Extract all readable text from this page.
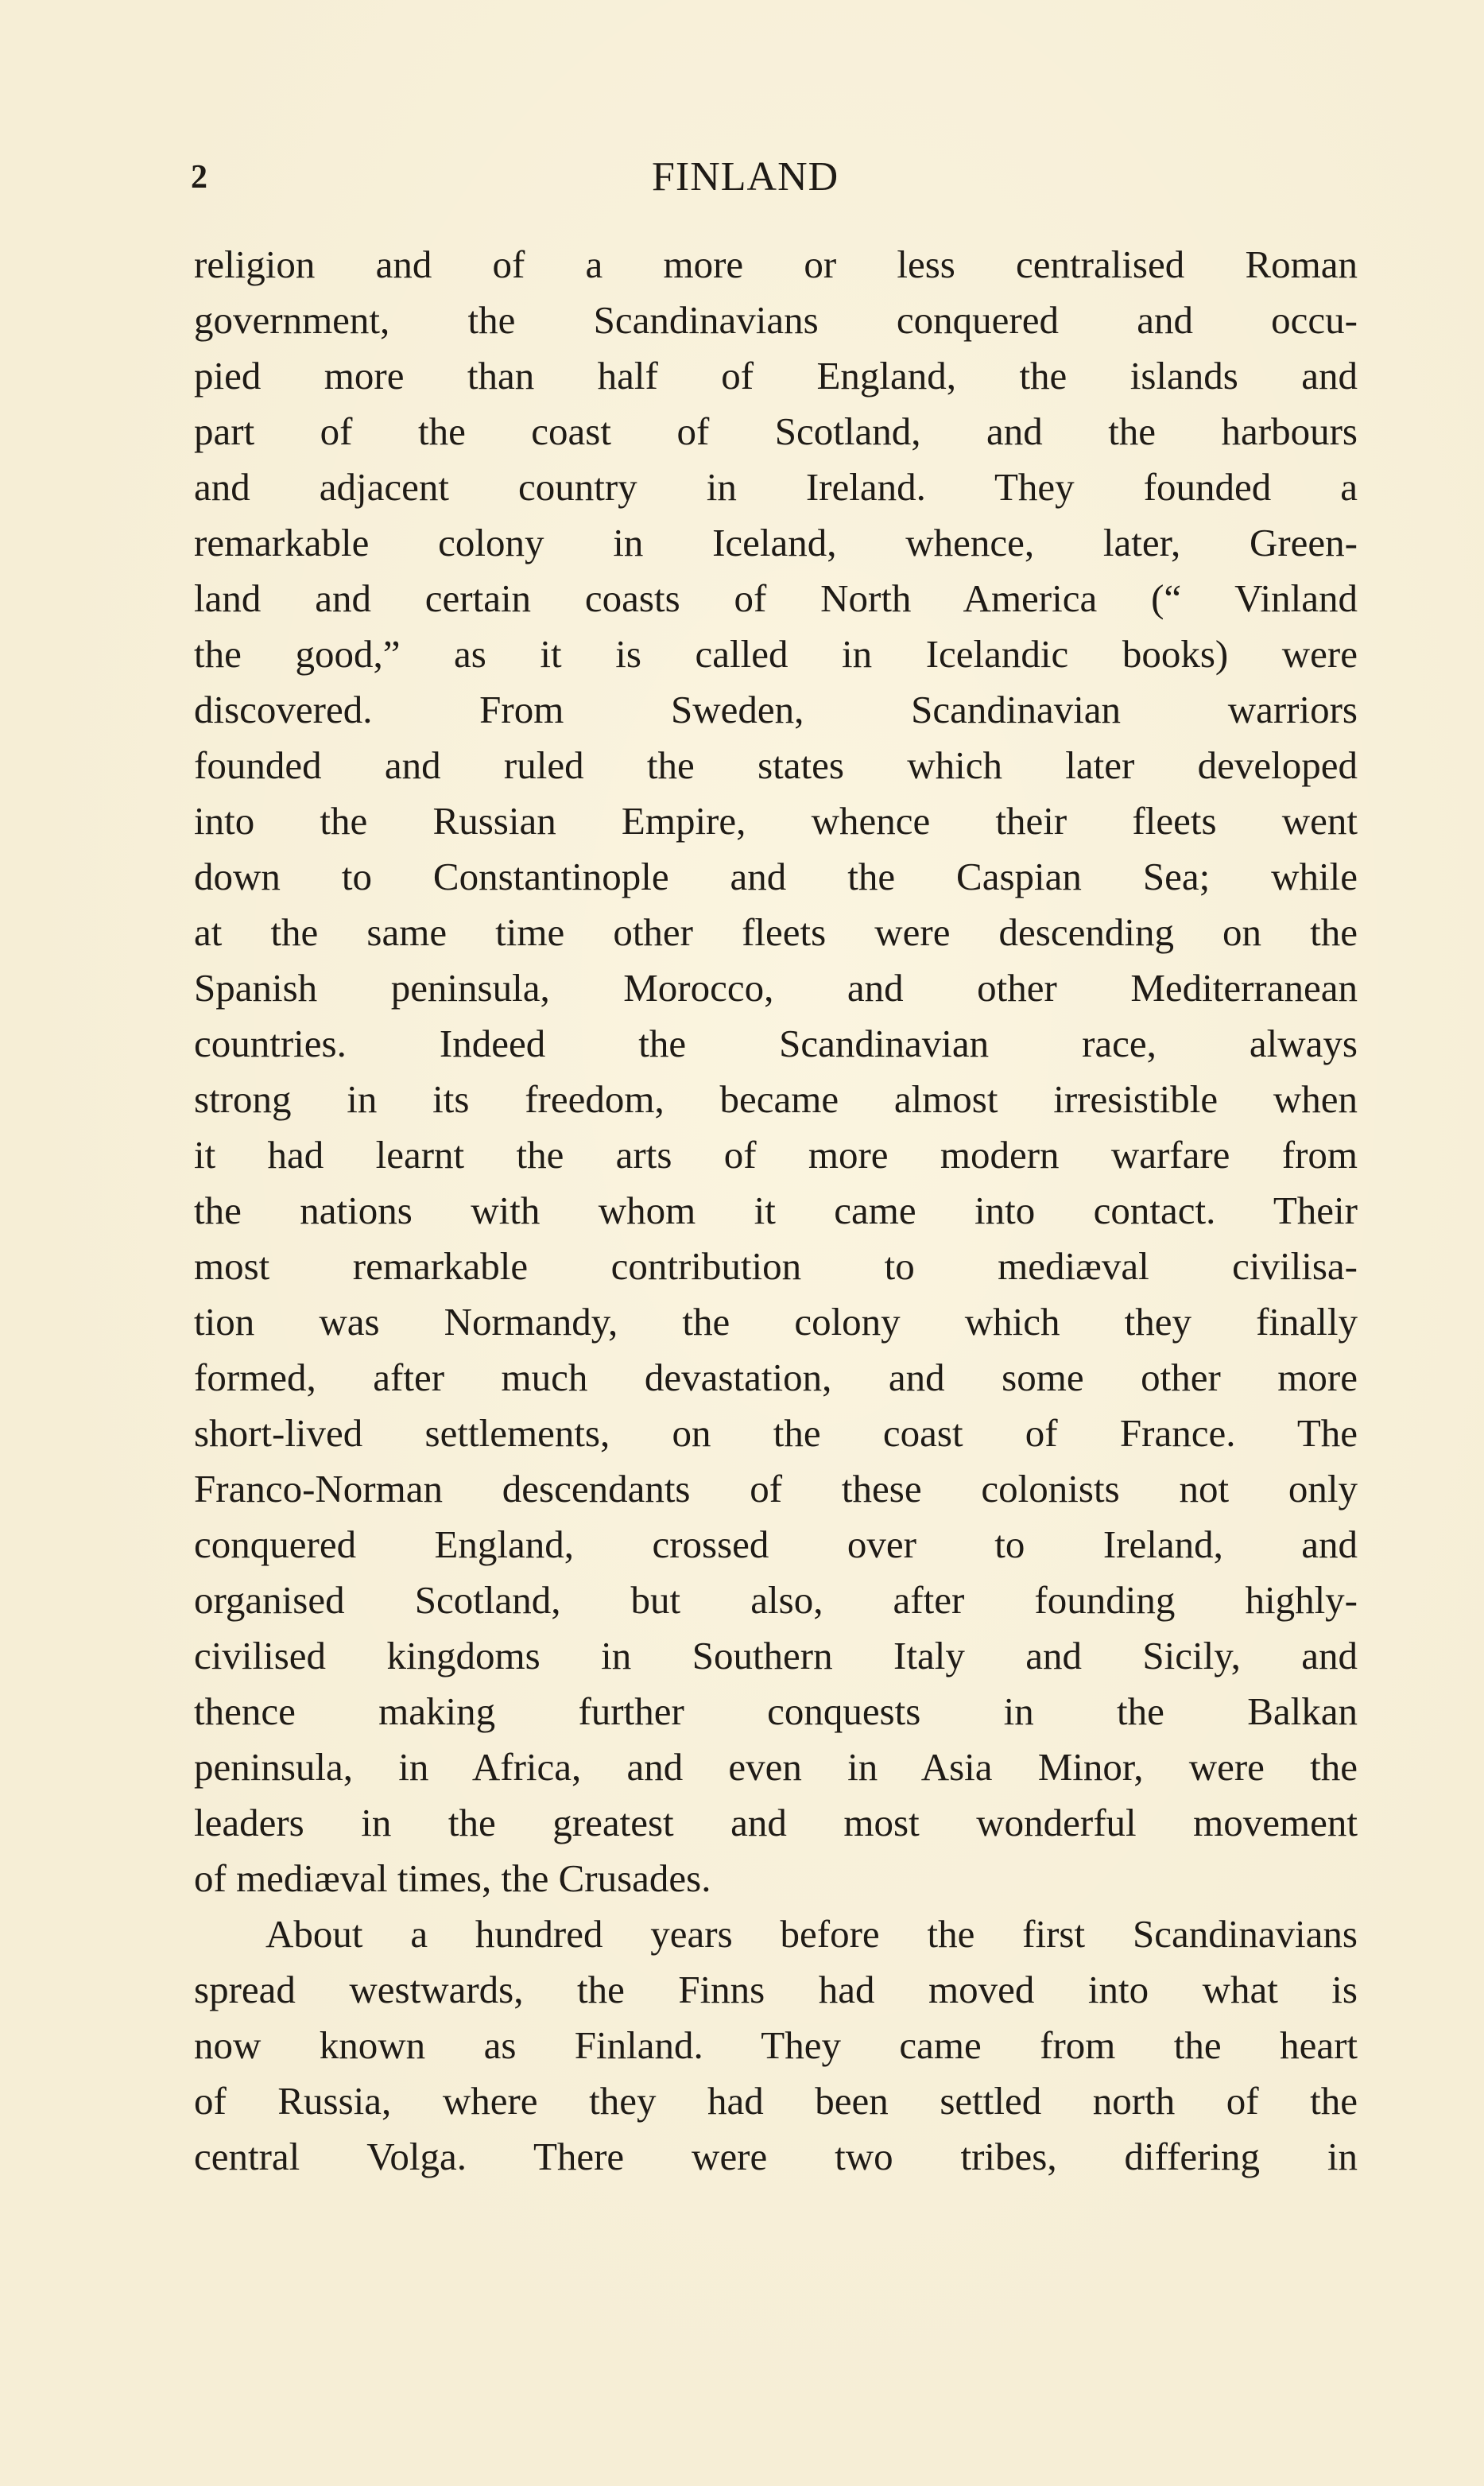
2	FINLAND
religion and of a more or less centralised Roman
government, the Scandinavians conquered and occu-
pied more than half of England, the islands and
part of the coast of Scotland, and the harbours
and adjacent country in Ireland. They founded a
remarkable colony in Iceland, whence, later, Green-
land and certain coasts of North America (“ Vinland
the good,” as it is called in Icelandic books) were
discovered. From Sweden, Scandinavian warriors
founded and ruled the states which later developed
into the Russian Empire, whence their fleets went
down to Constantinople and the Caspian Sea; while
at the same time other fleets were descending on the
Spanish peninsula, Morocco, and other Mediterranean
countries. Indeed the Scandinavian race, always
strong in its freedom, became almost irresistible when
it had learnt the arts of more modern warfare from
the nations with whom it came into contact. Their
most remarkable contribution to mediæval civilisa-
tion was Normandy, the colony which they finally
formed, after much devastation, and some other more
short-lived settlements, on the coast of France. The
Franco-Norman descendants of these colonists not only
conquered England, crossed over to Ireland, and
organised Scotland, but also, after founding highly-
civilised kingdoms in Southern Italy and Sicily, and
thence making further conquests in the Balkan
peninsula, in Africa, and even in Asia Minor, were the
leaders in the greatest and most wonderful movement
of mediæval times, the Crusades.
About a hundred years before the first Scandinavians
spread westwards, the Finns had moved into what is
now known as Finland. They came from the heart
of Russia, where they had been settled north of the
central Volga. There were two tribes, differing in
